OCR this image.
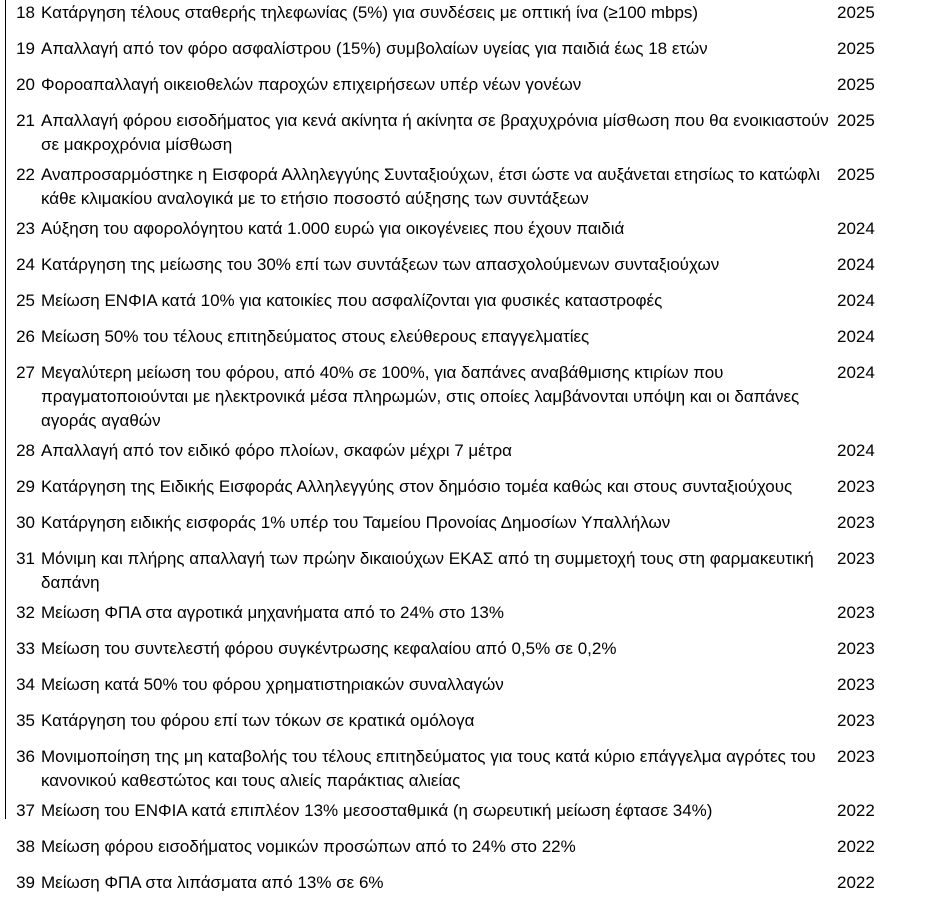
18	Κατάργηση τέλους σταθερής τηλεφωνίας (5%) για συνδέσεις με οπτική ίνα (≥100 mbps)	2025
19	Απαλλαγή από τον φόρο ασφαλίστρου (15%) συμβολαίων υγείας για παιδιά έως 18 ετών	2025
20	Φοροαπαλλαγή οικειοθελών παροχών επιχειρήσεων υπέρ νέων γονέων	2025
21	Απαλλαγή φόρου εισοδήματος για κενά ακίνητα ή ακίνητα σε βραχυχρόνια μίσθωση που θα ενοικιαστούν σε μακροχρόνια μίσθωση	2025
22	Αναπροσαρμόστηκε η Εισφορά Αλληλεγγύης Συνταξιούχων, έτσι ώστε να αυξάνεται ετησίως το κατώφλι κάθε κλιμακίου αναλογικά με το ετήσιο ποσοστό αύξησης των συντάξεων	2025
23	Αύξηση του αφορολόγητου κατά 1.000 ευρώ για οικογένειες που έχουν παιδιά	2024
24	Κατάργηση της μείωσης του 30% επί των συντάξεων των απασχολούμενων συνταξιούχων	2024
25	Μείωση ΕΝΦΙΑ κατά 10% για κατοικίες που ασφαλίζονται για φυσικές καταστροφές	2024
26	Μείωση 50% του τέλους επιτηδεύματος στους ελεύθερους επαγγελματίες	2024
27	Μεγαλύτερη μείωση του φόρου, από 40% σε 100%, για δαπάνες αναβάθμισης κτιρίων που πραγματοποιούνται με ηλεκτρονικά μέσα πληρωμών, στις οποίες λαμβάνονται υπόψη και οι δαπάνες αγοράς αγαθών	2024
28	Απαλλαγή από τον ειδικό φόρο πλοίων, σκαφών μέχρι 7 μέτρα	2024
29	Κατάργηση της Ειδικής Εισφοράς Αλληλεγγύης στον δημόσιο τομέα καθώς και στους συνταξιούχους	2023
30	Κατάργηση ειδικής εισφοράς 1% υπέρ του Ταμείου Προνοίας Δημοσίων Υπαλλήλων	2023
31	Μόνιμη και πλήρης απαλλαγή των πρώην δικαιούχων ΕΚΑΣ από τη συμμετοχή τους στη φαρμακευτική δαπάνη	2023
32	Μείωση ΦΠΑ στα αγροτικά μηχανήματα από το 24% στο 13%	2023
33	Μείωση του συντελεστή φόρου συγκέντρωσης κεφαλαίου από 0,5% σε 0,2%	2023
34	Μείωση κατά 50% του φόρου χρηματιστηριακών συναλλαγών	2023
35	Κατάργηση του φόρου επί των τόκων σε κρατικά ομόλογα	2023
36	Μονιμοποίηση της μη καταβολής του τέλους επιτηδεύματος για τους κατά κύριο επάγγελμα αγρότες του κανονικού καθεστώτος και τους αλιείς παράκτιας αλιείας	2023
37	Μείωση του ΕΝΦΙΑ κατά επιπλέον 13% μεσοσταθμικά (η σωρευτική μείωση έφτασε 34%)	2022
38	Μείωση φόρου εισοδήματος νομικών προσώπων από το 24% στο 22%	2022
39	Μείωση ΦΠΑ στα λιπάσματα από 13% σε 6%	2022
